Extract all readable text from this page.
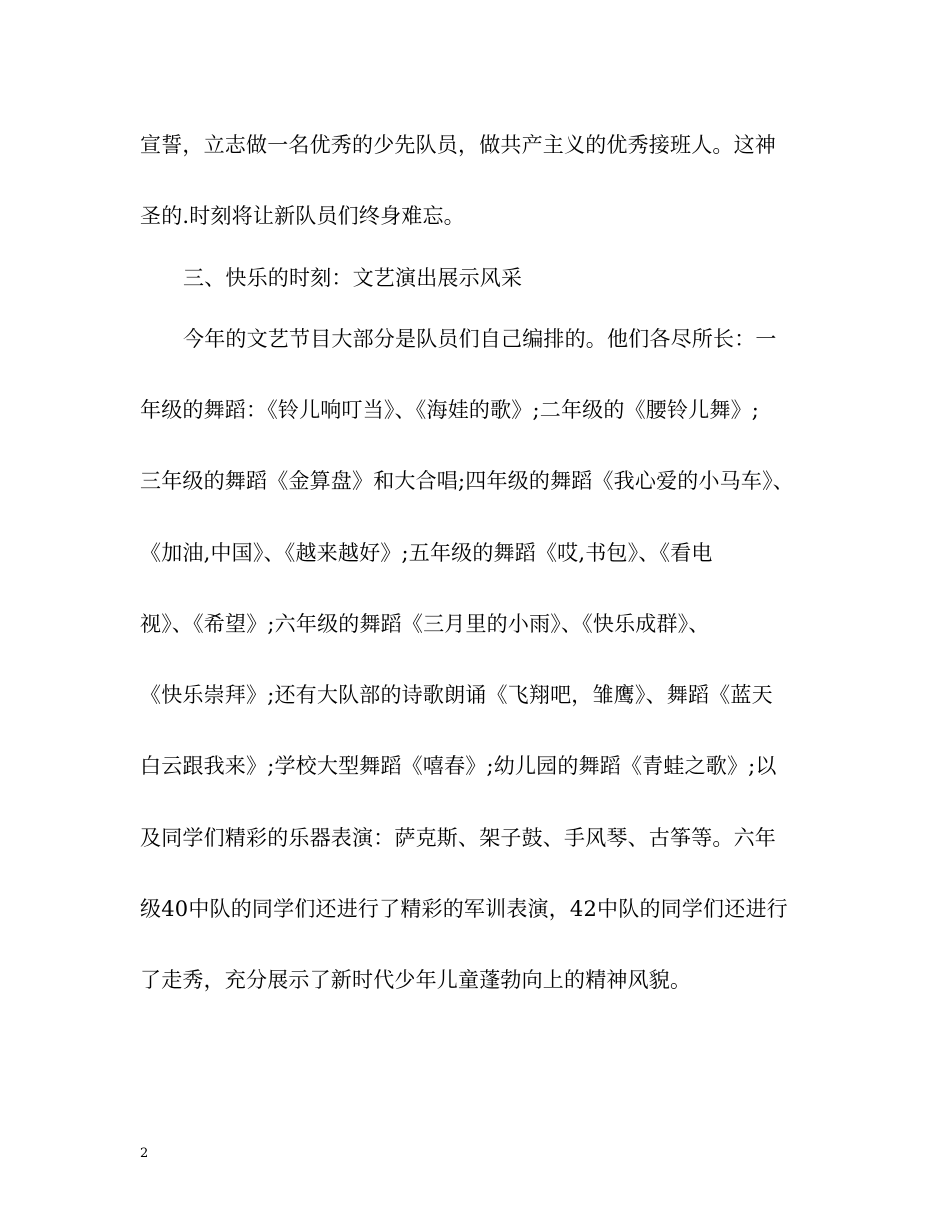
宣誓，立志做一名优秀的少先队员，做共产主义的优秀接班人。这神
圣的.时刻将让新队员们终身难忘。
三、快乐的时刻：文艺演出展示风采
今年的文艺节目大部分是队员们自己编排的。他们各尽所长：一
年级的舞蹈：《铃儿响叮当》、《海娃的歌》;二年级的《腰铃儿舞》;
三年级的舞蹈《金算盘》和大合唱;四年级的舞蹈《我心爱的小马车》、
《加油,中国》、《越来越好》;五年级的舞蹈《哎,书包》、《看电
视》、《希望》;六年级的舞蹈《三月里的小雨》、《快乐成群》、
《快乐崇拜》;还有大队部的诗歌朗诵《飞翔吧，雏鹰》、舞蹈《蓝天
白云跟我来》;学校大型舞蹈《嘻春》;幼儿园的舞蹈《青蛙之歌》;以
及同学们精彩的乐器表演：萨克斯、架子鼓、手风琴、古筝等。六年
级40中队的同学们还进行了精彩的军训表演，42中队的同学们还进行
了走秀，充分展示了新时代少年儿童蓬勃向上的精神风貌。
2
